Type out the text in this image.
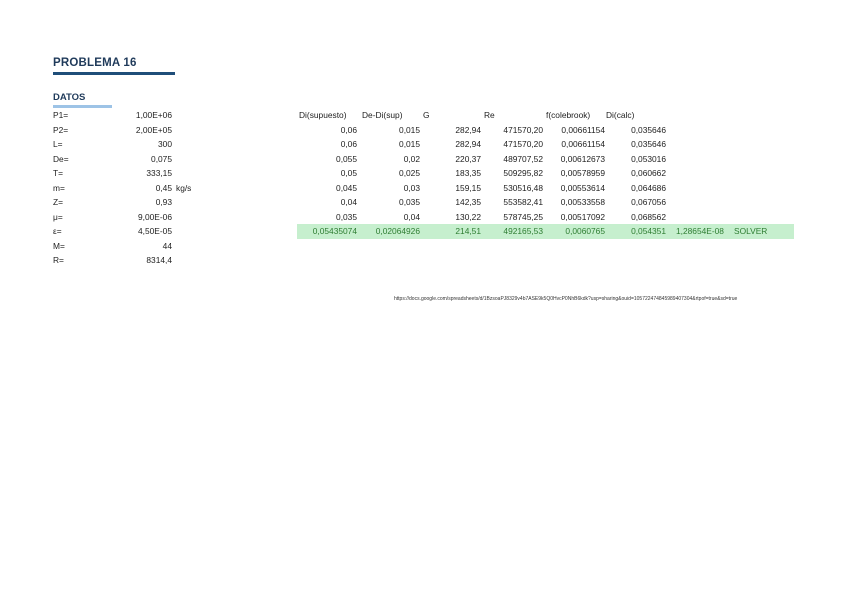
PROBLEMA 16
DATOS
P1=	1,00E+06
P2=	2,00E+05
L=	300
De=	0,075
T=	333,15
m=	0,45 kg/s
Z=	0,93
μ=	9,00E-06
ε=	4,50E-05
M=	44
R=	8314,4
Di(supuesto) De-Di(sup) G	Re	f(colebrook) Di(calc)
0,06	0,015	282,94	471570,20	0,00661154	0,035646
0,06	0,015	282,94	471570,20	0,00661154	0,035646
0,055	0,02	220,37	489707,52	0,00612673	0,053016
0,05	0,025	183,35	509295,82	0,00578959	0,060662
0,045	0,03	159,15	530516,48	0,00553614	0,064686
0,04	0,035	142,35	553582,41	0,00533558	0,067056
0,035	0,04	130,22	578745,25	0,00517092	0,068562
0,05435074	0,02064926	214,51	492165,53	0,0060765	0,054351 1,28654E-08 SOLVER
https://docs.google.com/spreadsheets/d/1BzsoaPJ8329v4b7ASE9k5Q0HvcP0NhB6kdk?usp=sharing&ouid=105722474845989407304&rtpof=true&sd=true
